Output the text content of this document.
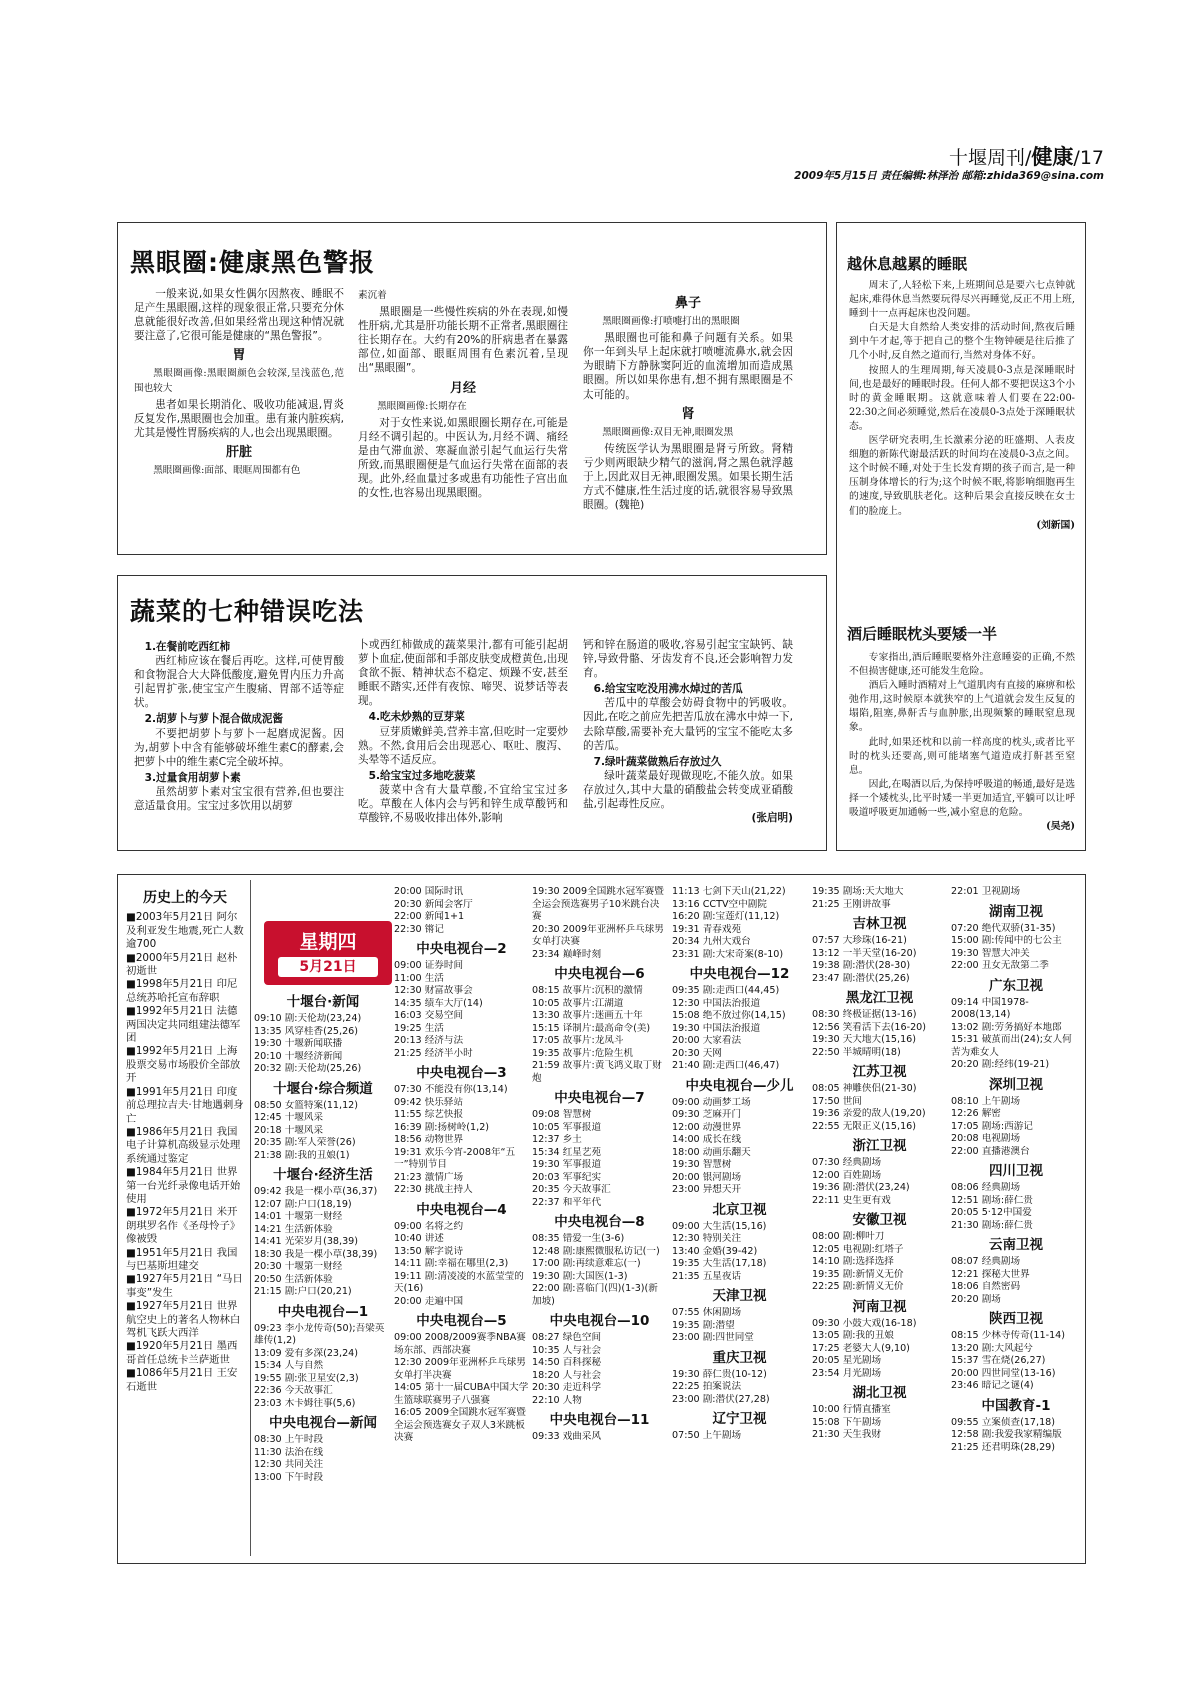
十堰周刊/健康/17
2009年5月15日 责任编辑:林泽治 邮箱:zhida369@sina.com
黑眼圈:健康黑色警报

一般来说,如果女性偶尔因熬夜、睡眠不足产生黑眼圈,这样的现象很正常,只要充分休息就能很好改善,但如果经常出现这种情况就要注意了,它很可能是健康的“黑色警报”。

胃

黑眼圈画像:黑眼圈颜色会较深,呈浅蓝色,范围也较大

患者如果长期消化、吸收功能减退,胃炎反复发作,黑眼圈也会加重。患有兼内脏疾病,尤其是慢性胃肠疾病的人,也会出现黑眼圈。

肝脏

黑眼圈画像:面部、眼眶周围都有色

素沉着

黑眼圈是一些慢性疾病的外在表现,如慢性肝病,尤其是肝功能长期不正常者,黑眼圈往往长期存在。大约有20%的肝病患者在暴露部位,如面部、眼眶周围有色素沉着,呈现出“黑眼圈”。

月经

黑眼圈画像:长期存在

对于女性来说,如黑眼圈长期存在,可能是月经不调引起的。中医认为,月经不调、痛经是由气滞血淤、寒凝血淤引起气血运行失常所致,而黑眼圈便是气血运行失常在面部的表现。此外,经血量过多或患有功能性子宫出血的女性,也容易出现黑眼圈。

鼻子

黑眼圈画像:打喷嚏打出的黑眼圈

黑眼圈也可能和鼻子问题有关系。如果你一年到头早上起床就打喷嚏流鼻水,就会因为眼睛下方静脉窦阿近的血流增加而造成黑眼圈。所以如果你患有,想不拥有黑眼圈是不太可能的。

肾

黑眼圈画像:双目无神,眼圈发黑

传统医学认为黑眼圈是肾亏所致。肾精亏少则两眼缺少精气的滋润,肾之黑色就浮越于上,因此双目无神,眼圈发黑。如果长期生活方式不健康,性生活过度的话,就很容易导致黑眼圈。(魏艳)

蔬菜的七种错误吃法

1.在餐前吃西红柿

西红柿应该在餐后再吃。这样,可使胃酸和食物混合大大降低酸度,避免胃内压力升高引起胃扩张,使宝宝产生腹痛、胃部不适等症状。

2.胡萝卜与萝卜混合做成泥酱

不要把胡萝卜与萝卜一起磨成泥酱。因为,胡萝卜中含有能够破坏维生素C的酵素,会把萝卜中的维生素C完全破坏掉。

3.过量食用胡萝卜素

虽然胡萝卜素对宝宝很有营养,但也要注意适量食用。宝宝过多饮用以胡萝

卜或西红柿做成的蔬菜果汁,都有可能引起胡萝卜血症,使面部和手部皮肤变成橙黄色,出现食欲不振、精神状态不稳定、烦躁不安,甚至睡眠不踏实,还伴有夜惊、啼哭、说梦话等表现。

4.吃未炒熟的豆芽菜

豆芽质嫩鲜美,营养丰富,但吃时一定要炒熟。不然,食用后会出现恶心、呕吐、腹泻、头晕等不适反应。

5.给宝宝过多地吃菠菜

菠菜中含有大量草酸,不宜给宝宝过多吃。草酸在人体内会与钙和锌生成草酸钙和草酸锌,不易吸收排出体外,影响

钙和锌在肠道的吸收,容易引起宝宝缺钙、缺锌,导致骨骼、牙齿发育不良,还会影响智力发育。

6.给宝宝吃没用沸水焯过的苦瓜

苦瓜中的草酸会妨碍食物中的钙吸收。因此,在吃之前应先把苦瓜放在沸水中焯一下,去除草酸,需要补充大量钙的宝宝不能吃太多的苦瓜。

7.绿叶蔬菜做熟后存放过久

绿叶蔬菜最好现做现吃,不能久放。如果存放过久,其中大量的硝酸盐会转变成亚硝酸盐,引起毒性反应。

(张启明)

越休息越累的睡眠

周末了,人轻松下来,上班期间总是要六七点钟就起床,难得休息当然要玩得尽兴再睡觉,反正不用上班,睡到十一点再起床也没问题。

白天是大自然给人类安排的活动时间,熬夜后睡到中午才起,等于把自己的整个生物钟硬是往后推了几个小时,反自然之道而行,当然对身体不好。

按照人的生理周期,每天凌晨0-3点是深睡眠时间,也是最好的睡眠时段。任何人都不要把误这3个小时的黄金睡眠期。这就意味着人们要在22:00-22:30之间必须睡觉,然后在凌晨0-3点处于深睡眠状态。

医学研究表明,生长激素分泌的旺盛期、人表皮细胞的新陈代谢最活跃的时间均在凌晨0-3点之间。这个时候不睡,对处于生长发育期的孩子而言,是一种压制身体增长的行为;这个时候不眠,将影响细胞再生的速度,导致肌肤老化。这种后果会直接反映在女士们的脸庞上。

(刘新国)

酒后睡眠枕头要矮一半

专家指出,酒后睡眠要格外注意睡姿的正确,不然不但损害健康,还可能发生危险。

酒后入睡时酒精对上气道肌肉有直接的麻痹和松弛作用,这时候原本就狭窄的上气道就会发生反复的塌陷,阻塞,鼻鼾舌与血肿胀,出现频繁的睡眠窒息现象。

此时,如果还枕和以前一样高度的枕头,或者比平时的枕头还要高,则可能堵塞气道造成打鼾甚至窒息。

因此,在喝酒以后,为保持呼吸道的畅通,最好是选择一个矮枕头,比平时矮一半更加适宜,平躺可以让呼吸道呼吸更加通畅一些,减小窒息的危险。

(吴尧)

历史上的今天
■2003年5月21日 阿尔及利亚发生地震,死亡人数逾700
■2000年5月21日 赵朴初逝世
■1998年5月21日 印尼总统苏哈托宣布辞职
■1992年5月21日 法德两国决定共同组建法德军团
■1992年5月21日 上海股票交易市场股价全部放开
■1991年5月21日 印度前总理拉吉夫·甘地遇刺身亡
■1986年5月21日 我国电子计算机高级显示处理系统通过鉴定
■1984年5月21日 世界第一台光纤录像电话开始使用
■1972年5月21日 米开朗琪罗名作《圣母怜子》像被毁
■1951年5月21日 我国与巴基斯坦建交
■1927年5月21日 “马日事变”发生
■1927年5月21日 世界航空史上的著名人物林白驾机飞跃大西洋
■1920年5月21日 墨西哥首任总统卡兰萨逝世
■1086年5月21日 王安石逝世
星期四
5月21日
十堰台·新闻
09:10 剧:天伦劫(23,24)
13:35 风穿桂香(25,26)
19:30 十堰新闻联播
20:10 十堰经济新闻
20:32 剧:天伦劫(25,26)
十堰台·综合频道
08:50 女篮特案(11,12)
12:45 十堰风采
20:18 十堰风采
20:35 剧:军人荣誉(26)
21:38 剧:我的丑娘(1)
十堰台·经济生活
09:42 我是一棵小草(36,37)
12:07 剧:户口(18,19)
14:01 十堰第一财经
14:21 生活新体验
14:41 光荣岁月(38,39)
18:30 我是一棵小草(38,39)
20:30 十堰第一财经
20:50 生活新体验
21:15 剧:户口(20,21)
中央电视台—1
09:23 李小龙传奇(50);吾梁英雄传(1,2)
13:09 爱有多深(23,24)
15:34 人与自然
19:55 剧:张卫星安(2,3)
22:36 今天故事汇
23:03 木卡姆往事(5,6)
中央电视台—新闻
08:30 上午时段
11:30 法治在线
12:30 共同关注
13:00 下午时段
20:00 国际时讯
20:30 新闻会客厅
22:00 新闻1+1
22:30 锵记
中央电视台—2
09:00 证券时间
11:00 生活
12:30 财富故事会
14:35 绩车大厅(14)
16:03 交易空间
19:25 生活
20:13 经济与法
21:25 经济半小时
中央电视台—3
07:30 不能没有你(13,14)
09:42 快乐驿站
11:55 综艺快报
16:39 剧:扬树岭(1,2)
18:56 动物世界
19:31 欢乐今宵-2008年“五一”特别节目
21:23 激情广场
22:30 挑战主持人
中央电视台—4
09:00 名将之约
10:40 讲述
13:50 解字说诗
14:11 剧:幸福在哪里(2,3)
19:11 剧:清凌凌的水蓝莹莹的天(16)
20:00 走遍中国
中央电视台—5
09:00 2008/2009赛季NBA赛场东部、西部决赛
12:30 2009年亚洲杯乒乓球男女单打半决赛
14:05 第十一届CUBA中国大学生篮球联赛男子八强赛
16:05 2009全国跳水冠军赛暨全运会预选赛女子双人3米跳板决赛
19:30 2009全国跳水冠军赛暨全运会预选赛男子10米跳台决赛
20:30 2009年亚洲杯乒乓球男女单打决赛
23:34 巅峰时刻
中央电视台—6
08:15 故事片:沉积的激情
10:05 故事片:江湖道
13:30 故事片:迷画五十年
15:15 译制片:最高命令(美)
17:05 故事片:龙凤斗
19:35 故事片:危险生机
21:59 故事片:黄飞鸿义取丁财炮
中央电视台—7
09:08 智慧树
10:05 军事报道
12:37 乡土
15:34 红星艺苑
19:30 军事报道
20:03 军事纪实
20:35 今天故事汇
22:37 和平年代
中央电视台—8
08:35 错爱一生(3-6)
12:48 剧:康熙微服私访记(一)
17:00 剧:再续意难忘(一)
19:30 剧:大国医(1-3)
22:00 剧:喜临门(四)(1-3)(新加坡)
中央电视台—10
08:27 绿色空间
10:35 人与社会
14:50 百科探秘
18:20 人与社会
20:30 走近科学
22:10 人物
中央电视台—11
09:33 戏曲采风
11:13 七剑下天山(21,22)
13:16 CCTV空中剧院
16:20 剧:宝莲灯(11,12)
19:31 青春戏苑
20:34 九州大戏台
23:31 剧:大宋奇案(8-10)
中央电视台—12
09:35 剧:走西口(44,45)
12:30 中国法治报道
15:08 绝不放过你(14,15)
19:30 中国法治报道
20:00 大家看法
20:30 天网
21:40 剧:走西口(46,47)
中央电视台—少儿
09:00 动画梦工场
09:30 芝麻开门
12:00 动漫世界
14:00 成长在线
18:00 动画乐翻天
19:30 智慧树
20:00 银河剧场
23:00 异想天开
北京卫视
09:00 大生活(15,16)
12:30 特别关注
13:40 金婚(39-42)
19:35 大生活(17,18)
21:35 五星夜话
天津卫视
07:55 休闲剧场
19:35 剧:潜望
23:00 剧:四世同堂
重庆卫视
19:30 薛仁贵(10-12)
22:25 拍案说法
23:00 剧:潜伏(27,28)
辽宁卫视
07:50 上午剧场
19:35 剧场:天大地大
21:25 王刚讲故事
吉林卫视
07:57 大珍珠(16-21)
13:12 一半天堂(16-20)
19:38 剧:潜伏(28-30)
23:47 剧:潜伏(25,26)
黑龙江卫视
08:30 终极证据(13-16)
12:56 笑看活下去(16-20)
19:30 天大地大(15,16)
22:50 半城晴明(18)
江苏卫视
08:05 神雕侠侣(21-30)
17:50 世间
19:36 亲爱的敌人(19,20)
22:55 无限正义(15,16)
浙江卫视
07:30 经典剧场
12:00 百姓剧场
19:36 剧:潜伏(23,24)
22:11 史生更有戏
安徽卫视
08:00 剧:柳叶刀
12:05 电视剧:红塔子
14:10 剧:选择选择
19:35 剧:新情义无价
22:25 剧:新情义无价
河南卫视
09:30 小鼓大戏(16-18)
13:05 剧:我的丑娘
17:25 老婆大人(9,10)
20:05 星光剧场
23:54 月光剧场
湖北卫视
10:00 行情直播室
15:08 下午剧场
21:30 天生我财
22:01 卫视剧场
湖南卫视
07:20 绝代双骄(31-35)
15:00 剧:传闻中的七公主
19:30 智慧大冲关
22:00 丑女无敌第二季
广东卫视
09:14 中国1978-2008(13,14)
13:02 剧:劳务搞好本地郎
15:31 破茧而出(24);女人何苦为难女人
20:20 剧:经纬(19-21)
深圳卫视
08:10 上午剧场
12:26 解密
17:05 剧场:西游记
20:08 电视剧场
22:00 直播港澳台
四川卫视
08:06 经典剧场
12:51 剧场:薛仁贵
20:05 5·12中国爱
21:30 剧场:薛仁贵
云南卫视
08:07 经典剧场
12:21 探秘大世界
18:06 自然密码
20:20 剧场
陕西卫视
08:15 少林寺传奇(11-14)
13:20 剧:大风起兮
15:37 雪在烧(26,27)
20:00 四世同堂(13-16)
23:46 暗记之谜(4)
中国教育-1
09:55 立案侦查(17,18)
12:58 剧:我爱我家精编版
21:25 还君明珠(28,29)
